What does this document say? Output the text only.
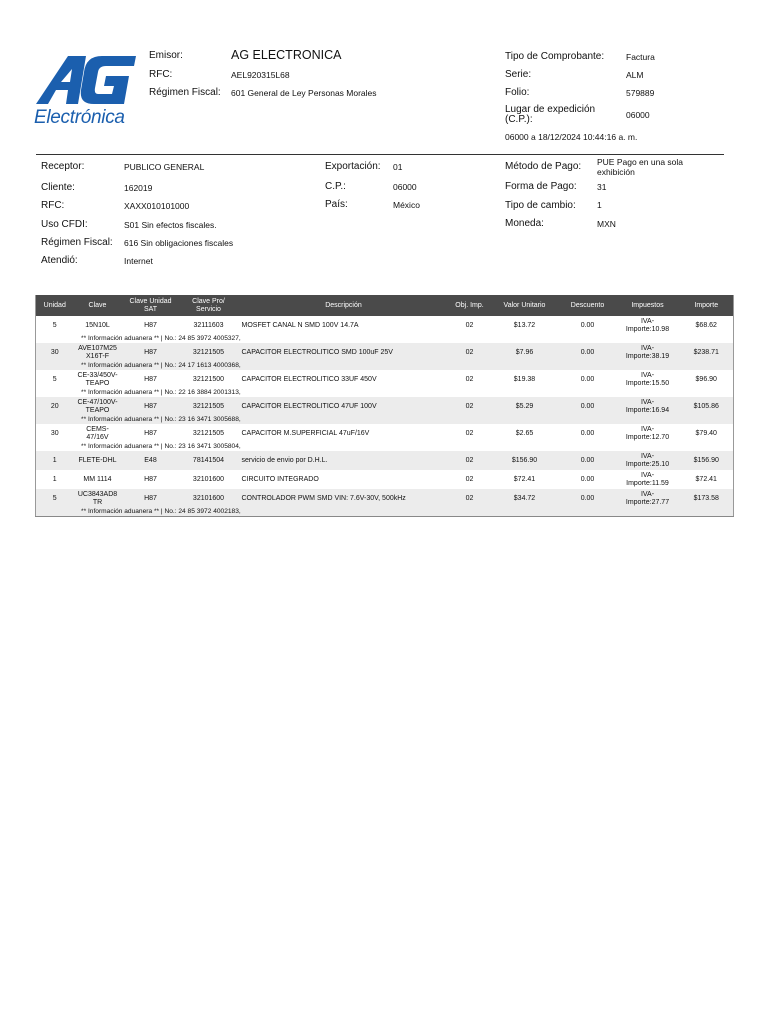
Electrónica
Emisor:	AG ELECTRONICA
RFC:	AEL920315L68
Régimen Fiscal: 601 General de Ley Personas Morales
Tipo de Comprobante:	Factura
Serie:	ALM
Folio:	579889
Lugar de expedición
(C.P.):	06000
06000 a 18/12/2024 10:44:16 a. m.
Receptor:	PUBLICO GENERAL
Cliente:	162019
RFC:	XAXX010101000
Uso CFDI:	S01 Sin efectos fiscales.
Régimen Fiscal: 616 Sin obligaciones fiscales
Atendió:	Internet
Exportación: 01
C.P.:	06000
País:	México
Método de Pago: PUE Pago en una sola
exhibición
Forma de Pago: 31
Tipo de cambio: 1
Moneda:	MXN
Unidad	Clave	Clave Unidad
SAT	Clave Pro/
Servicio	Descripción	Obj. Imp.	Valor Unitario	Descuento	Impuestos	Importe
5	15N10L	H87	32111603	MOSFET CANAL N SMD 100V 14.7A	02	$13.72	0.00	IVA-
Importe:10.98	$68.62
** Información aduanera ** | No.: 24 85 3972 4005327,									
30	AVE107M25
X16T-F	H87	32121505	CAPACITOR ELECTROLITICO SMD 100uF 25V	02	$7.96	0.00	IVA-
Importe:38.19	$238.71
** Información aduanera ** | No.: 24 17 1613 4000368,									
5	CE-33/450V-
TEAPO	H87	32121500	CAPACITOR ELECTROLITICO 33UF 450V	02	$19.38	0.00	IVA-
Importe:15.50	$96.90
** Información aduanera ** | No.: 22 16 3884 2001313,									
20	CE-47/100V-
TEAPO	H87	32121505	CAPACITOR ELECTROLITICO 47UF 100V	02	$5.29	0.00	IVA-
Importe:16.94	$105.86
** Información aduanera ** | No.: 23 16 3471 3005688,									
30	CEMS-
47/16V	H87	32121505	CAPACITOR M.SUPERFICIAL 47uF/16V	02	$2.65	0.00	IVA-
Importe:12.70	$79.40
** Información aduanera ** | No.: 23 16 3471 3005804,									
1	FLETE-DHL	E48	78141504	servicio de envio por D.H.L.	02	$156.90	0.00	IVA-
Importe:25.10	$156.90
1	MM 1114	H87	32101600	CIRCUITO INTEGRADO	02	$72.41	0.00	IVA-
Importe:11.59	$72.41
5	UC3843AD8
TR	H87	32101600	CONTROLADOR PWM SMD VIN: 7.6V-30V, 500kHz	02	$34.72	0.00	IVA-
Importe:27.77	$173.58
** Información aduanera ** | No.: 24 85 3972 4002183,									
